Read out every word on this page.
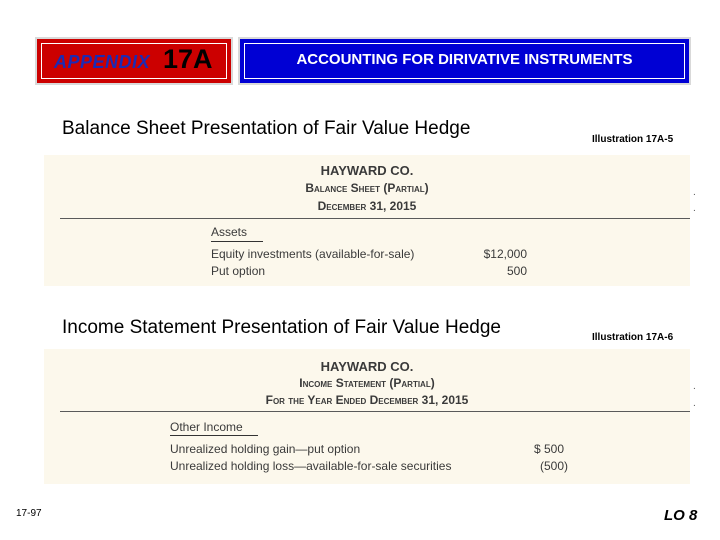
APPENDIX 17A	ACCOUNTING FOR DIRIVATIVE INSTRUMENTS
Balance Sheet Presentation of Fair Value Hedge
Illustration 17A-5
HAYWARD CO.
Balance Sheet (Partial)
December 31, 2015
Assets
Equity investments (available-for-sale)	$12,000
Put option	500
.
.
Income Statement Presentation of Fair Value Hedge	Illustration 17A-6
HAYWARD CO.
Income Statement (Partial)
For the Year Ended December 31, 2015
Other Income
Unrealized holding gain—put option	$ 500
Unrealized holding loss—available-for-sale securities	(500)
.
.
17-97	LO 8
